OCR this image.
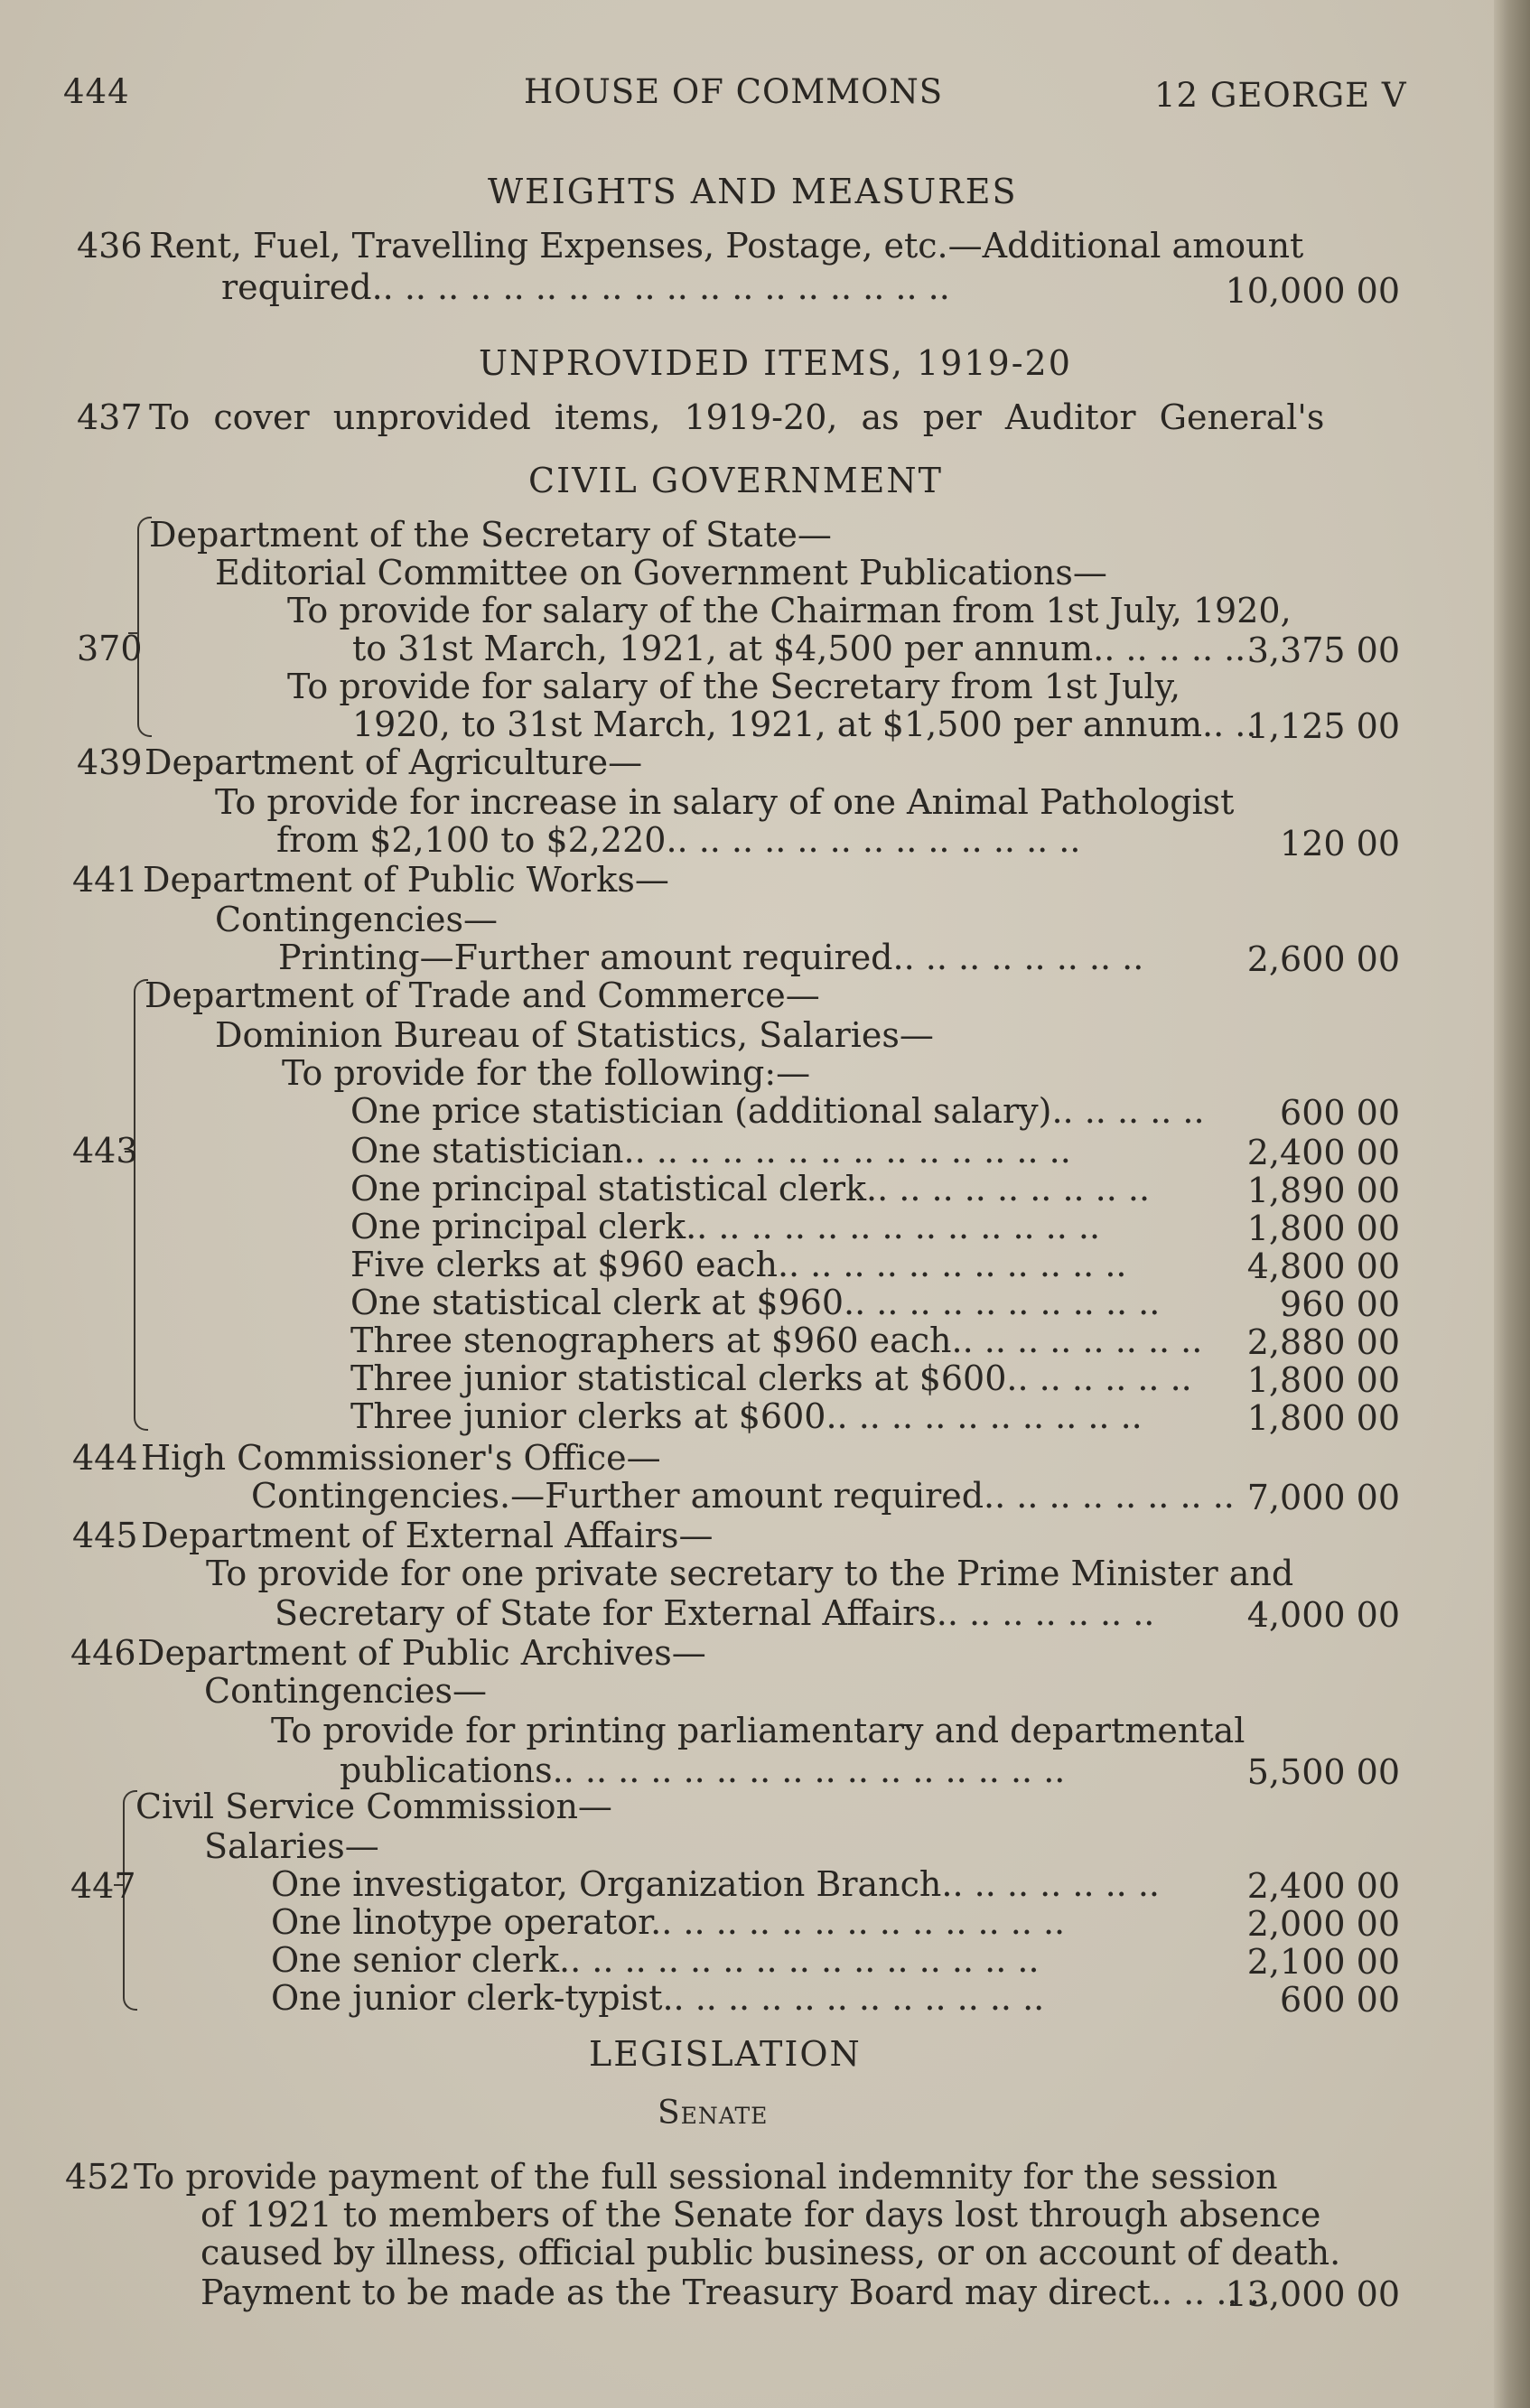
444	HOUSE OF COMMONS	12 GEORGE V
WEIGHTS AND MEASURES
436 Rent, Fuel, Travelling Expenses, Postage, etc.—Additional amount
required.. .. .. .. .. .. .. .. .. .. .. .. .. .. .. .. .. ..	10,000 00
UNPROVIDED ITEMS, 1919-20
437 To cover unprovided items, 1919-20, as per Auditor General's
CIVIL GOVERNMENT
370
Department of the Secretary of State—
Editorial Committee on Government Publications—
To provide for salary of the Chairman from 1st July, 1920,
to 31st March, 1921, at $4,500 per annum.. .. .. .. .. 3,375 00
To provide for salary of the Secretary from 1st July,
1920, to 31st March, 1921, at $1,500 per annum.. ..
1,125 00
439 Department of Agriculture—
To provide for increase in salary of one Animal Pathologist
from $2,100 to $2,220.. .. .. .. .. .. .. .. .. .. .. .. ..	120 00
441 Department of Public Works—
Contingencies—
Printing—Further amount required.. .. .. .. .. .. .. ..	2,600 00
443
Department of Trade and Commerce—
Dominion Bureau of Statistics, Salaries—
To provide for the following:—
One price statistician (additional salary).. .. .. .. ..	600 00
One statistician.. .. .. .. .. .. .. .. .. .. .. .. .. ..	2,400 00
One principal statistical clerk.. .. .. .. .. .. .. .. ..	1,890 00
One principal clerk.. .. .. .. .. .. .. .. .. .. .. .. ..	1,800 00
Five clerks at $960 each.. .. .. .. .. .. .. .. .. .. ..	4,800 00
One statistical clerk at $960.. .. .. .. .. .. .. .. .. ..	960 00
Three stenographers at $960 each.. .. .. .. .. .. .. ..	2,880 00
Three junior statistical clerks at $600.. .. .. .. .. ..	1,800 00
Three junior clerks at $600.. .. .. .. .. .. .. .. .. ..	1,800 00
444 High Commissioner's Office—
Contingencies.—Further amount required.. .. .. .. .. .. .. .. 7,000 00
445 Department of External Affairs—
To provide for one private secretary to the Prime Minister and
Secretary of State for External Affairs.. .. .. .. .. .. ..	4,000 00
446 Department of Public Archives—
Contingencies—
To provide for printing parliamentary and departmental
publications.. .. .. .. .. .. .. .. .. .. .. .. .. .. .. ..	5,500 00
447
Civil Service Commission—
Salaries—
One investigator, Organization Branch.. .. .. .. .. .. ..	2,400 00
One linotype operator.. .. .. .. .. .. .. .. .. .. .. .. ..	2,000 00
One senior clerk.. .. .. .. .. .. .. .. .. .. .. .. .. .. ..	2,100 00
One junior clerk-typist.. .. .. .. .. .. .. .. .. .. .. ..	600 00
LEGISLATION
Senate
452 To provide payment of the full sessional indemnity for the session
of 1921 to members of the Senate for days lost through absence
caused by illness, official public business, or on account of death.
Payment to be made as the Treasury Board may direct.. .. .. ..
13,000 00
